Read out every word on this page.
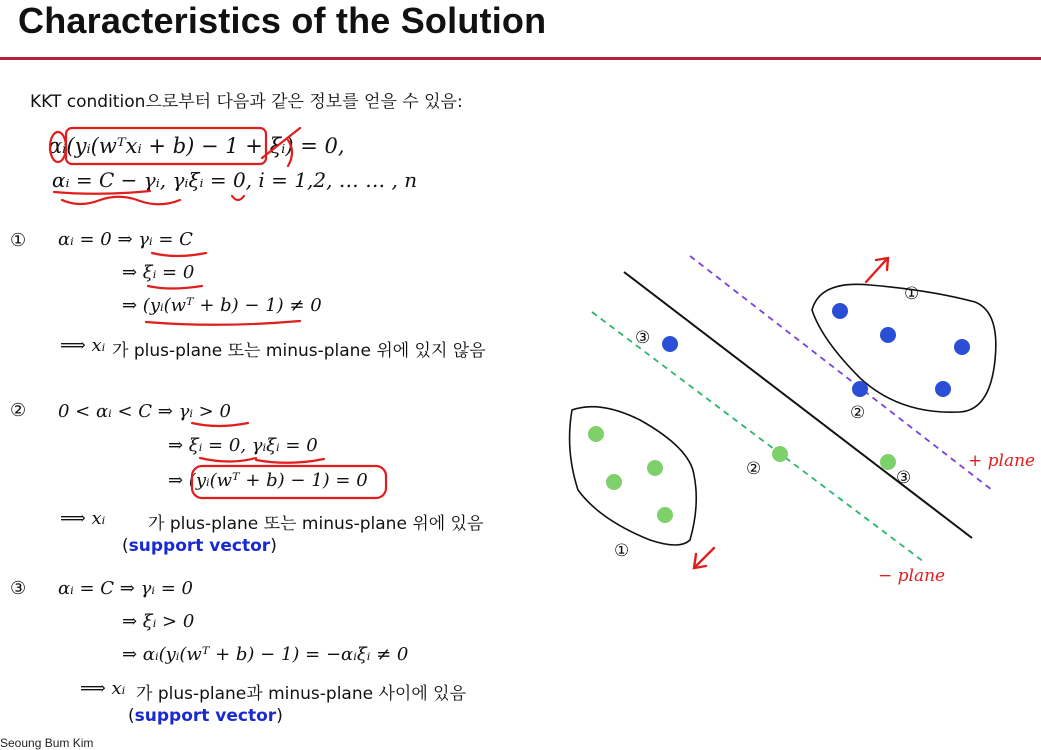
Characteristics of the Solution
KKT condition으로부터 다음과 같은 정보를 얻을 수 있음:
αᵢ(yᵢ(wᵀxᵢ + b) − 1 + ξᵢ) = 0,
αᵢ = C − γᵢ, γᵢξᵢ = 0, i = 1,2, … … , n
① αᵢ = 0 ⇒ γᵢ = C
⇒ ξᵢ = 0
⇒ (yᵢ(wᵀ + b) − 1) ≠ 0
⟹ xᵢ 가 plus-plane 또는 minus-plane 위에 있지 않음
② 0 < αᵢ < C ⇒ γᵢ > 0
⇒ ξᵢ = 0, γᵢξᵢ = 0
⇒ (yᵢ(wᵀ + b) − 1) = 0
⟹ xᵢ	가 plus-plane 또는 minus-plane 위에 있음
(support vector)
③ αᵢ = C ⇒ γᵢ = 0
⇒ ξᵢ > 0
⇒ αᵢ(yᵢ(wᵀ + b) − 1) = −αᵢξᵢ ≠ 0
⟹ xᵢ 가 plus-plane과 minus-plane 사이에 있음
(support vector)
Seoung Bum Kim
①
②
③
①
②	③
+ plane
− plane
